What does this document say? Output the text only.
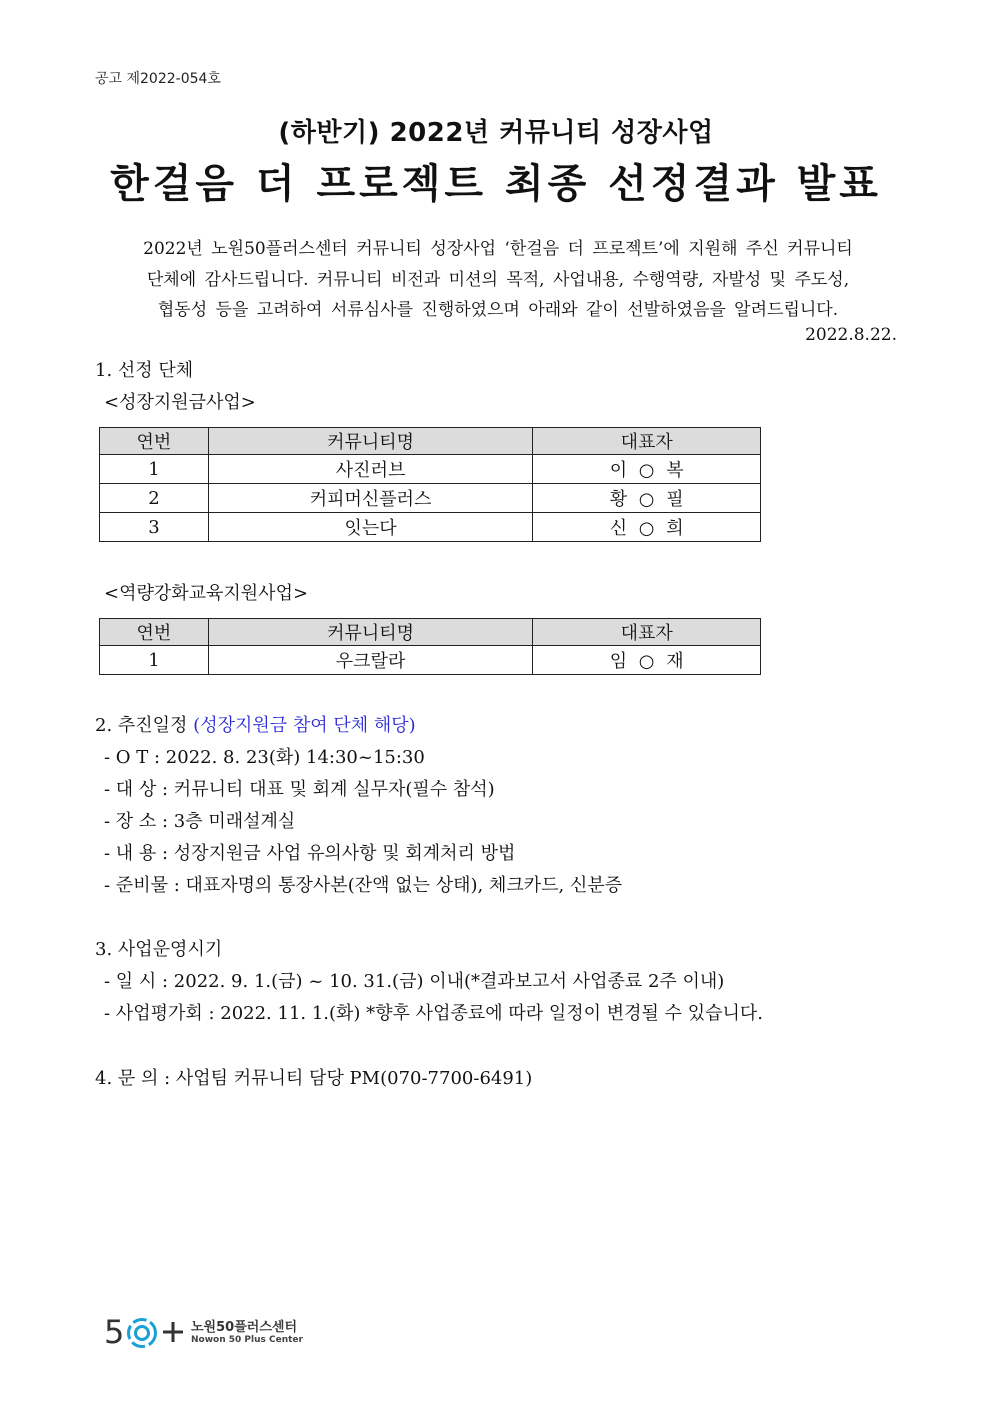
공고 제2022-054호
(하반기) 2022년 커뮤니티 성장사업
한걸음 더 프로젝트 최종 선정결과 발표
2022년 노원50플러스센터 커뮤니티 성장사업 ‘한걸음 더 프로젝트’에 지원해 주신 커뮤니티
단체에 감사드립니다. 커뮤니티 비전과 미션의 목적, 사업내용, 수행역량, 자발성 및 주도성,
협동성 등을 고려하여 서류심사를 진행하였으며 아래와 같이 선발하였음을 알려드립니다.
2022.8.22.
1. 선정 단체
<성장지원금사업>
연번	커뮤니티명	대표자
1	사진러브	이 ○ 복
2	커피머신플러스	황 ○ 필
3	잇는다	신 ○ 희
<역량강화교육지원사업>
연번	커뮤니티명	대표자
1	우크랄라	임 ○ 재
2. 추진일정 (성장지원금 참여 단체 해당)
- O T : 2022. 8. 23(화) 14:30~15:30
- 대 상 : 커뮤니티 대표 및 회계 실무자(필수 참석)
- 장 소 : 3층 미래설계실
- 내 용 : 성장지원금 사업 유의사항 및 회계처리 방법
- 준비물 : 대표자명의 통장사본(잔액 없는 상태), 체크카드, 신분증
3. 사업운영시기
- 일 시 : 2022. 9. 1.(금) ~ 10. 31.(금) 이내(*결과보고서 사업종료 2주 이내)
- 사업평가회 : 2022. 11. 1.(화) *향후 사업종료에 따라 일정이 변경될 수 있습니다.
4. 문 의 : 사업팀 커뮤니티 담당 PM(070-7700-6491)
5	노원50플러스센터
Nowon 50 Plus Center
